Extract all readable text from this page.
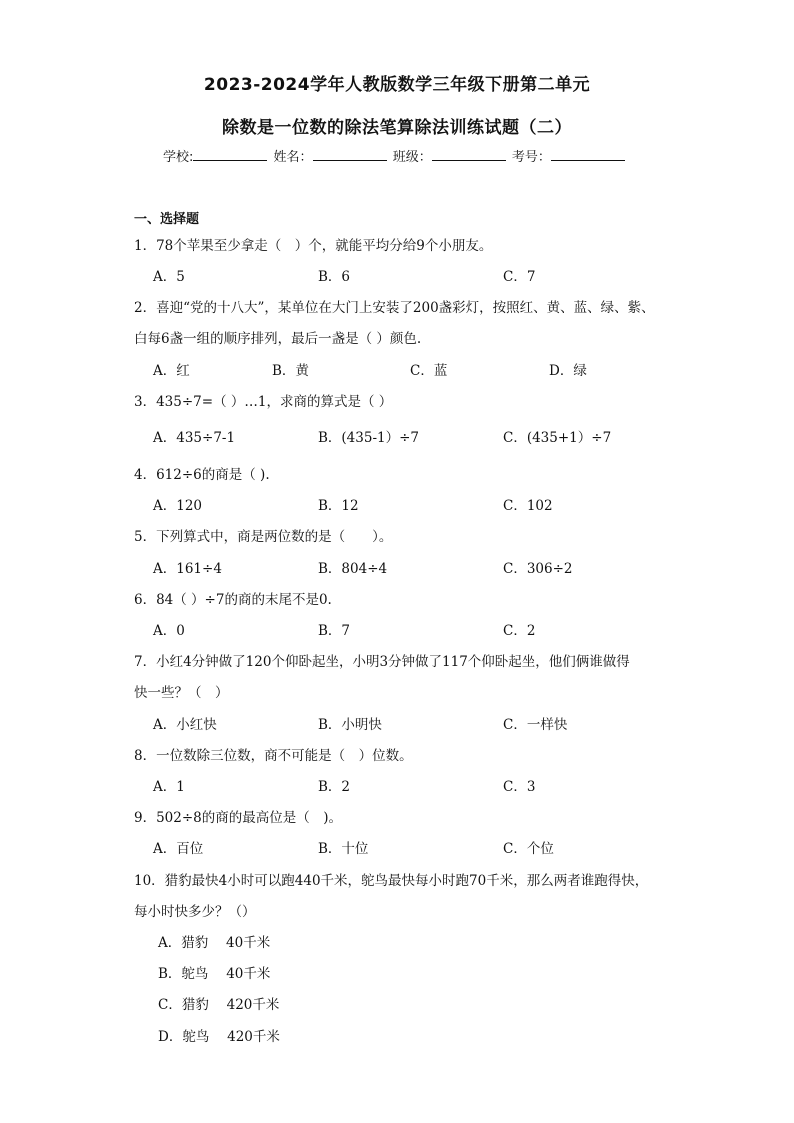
2023-2024学年人教版数学三年级下册第二单元
除数是一位数的除法笔算除法训练试题（二）
学校:	姓名：	班级：	考号：
一、选择题
1．78个苹果至少拿走（　）个，就能平均分给9个小朋友。
A．5	B．6	C．7
2．喜迎“党的十八大”，某单位在大门上安装了200盏彩灯，按照红、黄、蓝、绿、紫、
白每6盏一组的顺序排列，最后一盏是（ ）颜色.
A．红	B．黄	C．蓝	D．绿
3．435÷7=（ ）…1，求商的算式是（ ）
A．435÷7-1	B．(435-1）÷7	C．(435+1）÷7
4．612÷6的商是（ ).
A．120	B．12	C．102
5．下列算式中，商是两位数的是（　　）。
A．161÷4	B．804÷4	C．306÷2
6．84（ ）÷7的商的末尾不是0.
A．0	B．7	C．2
7．小红4分钟做了120个仰卧起坐，小明3分钟做了117个仰卧起坐，他们俩谁做得
快一些？（　）
A．小红快	B．小明快	C．一样快
8．一位数除三位数，商不可能是（　）位数。
A．1	B．2	C．3
9．502÷8的商的最高位是（　)。
A．百位	B．十位	C．个位
10．猎豹最快4小时可以跑440千米，鸵鸟最快每小时跑70千米，那么两者谁跑得快，
每小时快多少？（）
A．猎豹　 40千米
B．鸵鸟　 40千米
C．猎豹　 420千米
D．鸵鸟　 420千米
